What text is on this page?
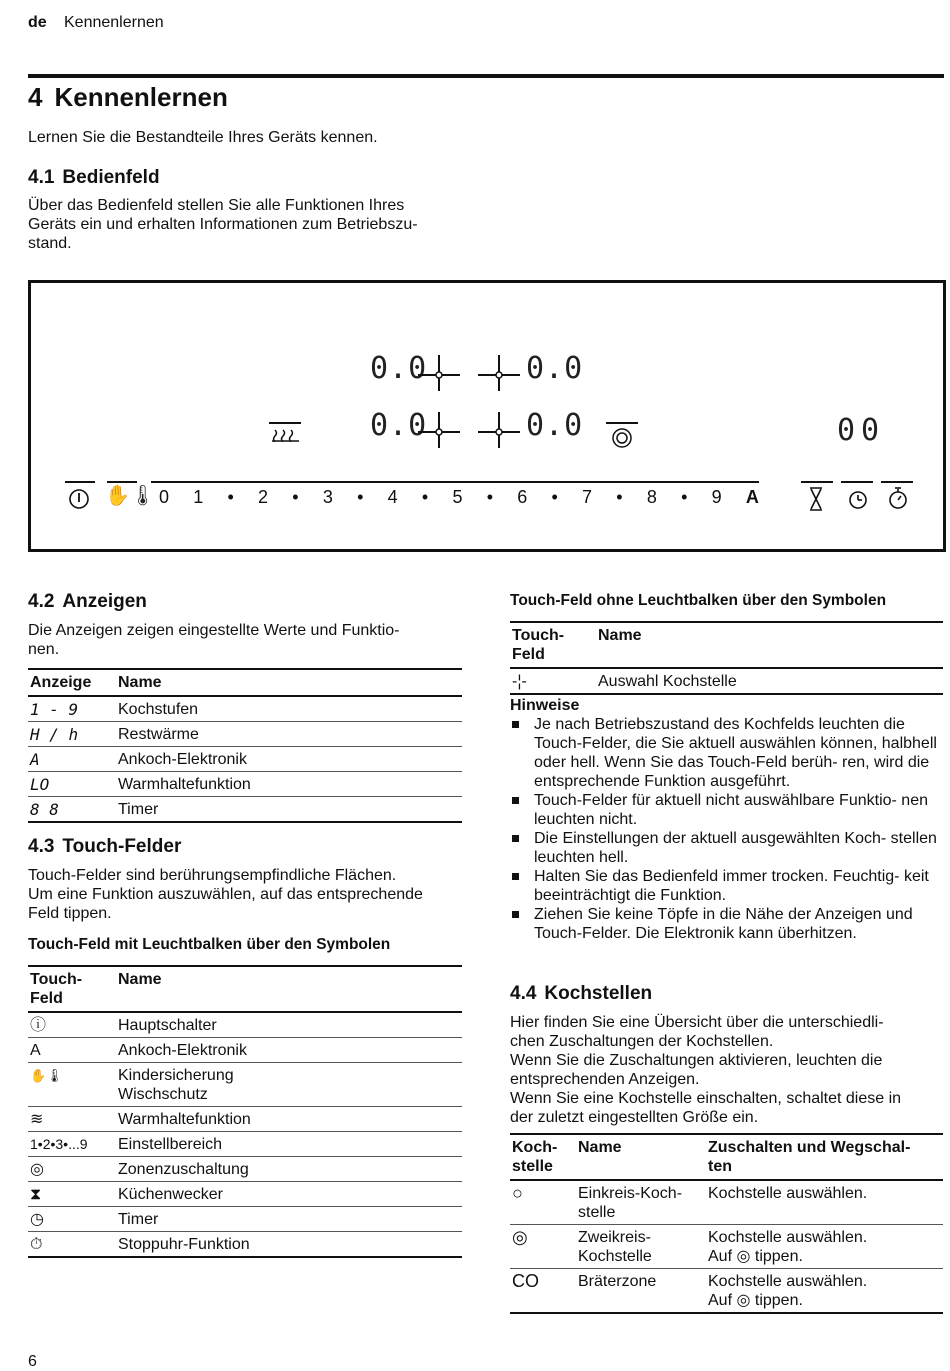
de Kennenlernen
4 Kennenlernen

Lernen Sie die Bestandteile Ihres Geräts kennen.

4.1 Bedienfeld

Über das Bedienfeld stellen Sie alle Funktionen Ihres
Geräts ein und erhalten Informationen zum Betriebszu-
stand.

0.0	0.0
0.0	0.0	00
✋🌡 0 1 • 2 • 3 • 4 • 5 • 6 • 7 • 8 • 9 A
4.2 Anzeigen

Die Anzeigen zeigen eingestellte Werte und Funktio-
nen.

Anzeige	Name
1 - 9	Kochstufen
H / h	Restwärme
A	Ankoch-Elektronik
LO	Warmhaltefunktion
8 8	Timer
4.3 Touch-Felder

Touch-Felder sind berührungsempfindliche Flächen.
Um eine Funktion auszuwählen, auf das entsprechende
Feld tippen.

Touch-Feld mit Leuchtbalken über den Symbolen
Touch-
Feld	Name
ⓘ	Hauptschalter
A	Ankoch-Elektronik
✋🌡	Kindersicherung
Wischschutz
≋	Warmhaltefunktion
1•2•3•...9	Einstellbereich
◎	Zonenzuschaltung
⧗	Küchenwecker
◷	Timer
⏱	Stoppuhr-Funktion
Touch-Feld ohne Leuchtbalken über den Symbolen
Touch-
Feld	Name
-¦-	Auswahl Kochstelle
Hinweise
Je nach Betriebszustand des Kochfelds leuchten die Touch-Felder, die Sie aktuell auswählen können, halbhell oder hell. Wenn Sie das Touch-Feld berüh- ren, wird die entsprechende Funktion ausgeführt.
Touch-Felder für aktuell nicht auswählbare Funktio- nen leuchten nicht.
Die Einstellungen der aktuell ausgewählten Koch- stellen leuchten hell.
Halten Sie das Bedienfeld immer trocken. Feuchtig- keit beeinträchtigt die Funktion.
Ziehen Sie keine Töpfe in die Nähe der Anzeigen und Touch-Felder. Die Elektronik kann überhitzen.
4.4 Kochstellen

Hier finden Sie eine Übersicht über die unterschiedli-
chen Zuschaltungen der Kochstellen.
Wenn Sie die Zuschaltungen aktivieren, leuchten die
entsprechenden Anzeigen.
Wenn Sie eine Kochstelle einschalten, schaltet diese in
der zuletzt eingestellten Größe ein.

Koch-
stelle	Name	Zuschalten und Wegschal-
ten
○	Einkreis-Koch-
stelle	Kochstelle auswählen.
◎	Zweikreis-
Kochstelle	Kochstelle auswählen.
Auf ◎ tippen.
CO	Bräterzone	Kochstelle auswählen.
Auf ◎ tippen.
6
